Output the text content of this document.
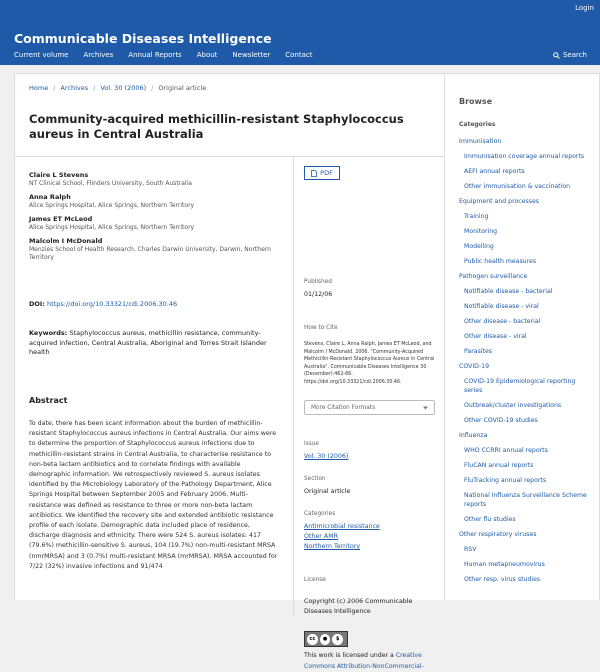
Login
Communicable Diseases Intelligence
Current volume Archives Annual Reports About Newsletter Contact	Search
Home / Archives / Vol. 30 (2006) / Original article
Community-acquired methicillin-resistant Staphylococcus aureus in Central Australia
Claire L Stevens
NT Clinical School, Flinders University, South Australia
Anna Ralph
Alice Springs Hospital, Alice Springs, Northern Territory
James ET McLeod
Alice Springs Hospital, Alice Springs, Northern Territory
Malcolm I McDonald
Menzies School of Health Research, Charles Darwin University, Darwin, Northern Territory
DOI: https://doi.org/10.33321/cdi.2006.30.46
Keywords: Staphylococcus aureus, methicillin resistance, community-acquired infection, Central Australia, Aboriginal and Torres Strait Islander health
Abstract

To date, there has been scant information about the burden of methicillin-resistant Staphylococcus aureus infections in Central Australia. Our aims were to determine the proportion of Staphylococcus aureus infections due to methicillin-resistant strains in Central Australia, to characterise resistance to non-beta lactam antibiotics and to correlate findings with available demographic information. We retrospectively reviewed S. aureus isolates identified by the Microbiology Laboratory of the Pathology Department, Alice Springs Hospital between September 2005 and February 2006. Multi-resistance was defined as resistance to three or more non-beta lactam antibiotics. We identified the recovery site and extended antibiotic resistance profile of each isolate. Demographic data included place of residence, discharge diagnosis and ethnicity. There were 524 S. aureus isolates: 417 (79.6%) methicillin-sensitive S. aureus, 104 (19.7%) non-multi-resistant MRSA (nmrMRSA) and 3 (0.7%) multi-resistant MRSA (mrMRSA). MRSA accounted for 7/22 (32%) invasive infections and 91/474

PDF
Published
01/12/06
How to Cite
Stevens, Claire L, Anna Ralph, James ET McLeod, and Malcolm I McDonald. 2006. "Community-Acquired Methicillin-Resistant Staphylococcus Aureus in Central Australia". Communicable Diseases Intelligence 30 (December):462-66. https://doi.org/10.33321/cdi.2006.30.46.
More Citation Formats
Issue
Vol. 30 (2006)
Section
Original article
Categories
Antimicrobial resistance
Other AMR
Northern Territory
License
Copyright (c) 2006 Communicable Diseases Intelligence
cc	●	$
This work is licensed under a Creative Commons Attribution-NonCommercial-
Browse
Categories
Immunisation
Immunisation coverage annual reports
AEFI annual reports
Other immunisation & vaccination
Equipment and processes
Training
Monitoring
Modelling
Public health measures
Pathogen surveillance
Notifiable disease - bacterial
Notifiable disease - viral
Other disease - bacterial
Other disease - viral
Parasites
COVID-19
COVID-19 Epidemiological reporting series
Outbreak/cluster investigations
Other COVID-19 studies
Influenza
WHO CCRRI annual reports
FluCAN annual reports
FluTracking annual reports
National Influenza Surveillance Scheme reports
Other flu studies
Other respiratory viruses
RSV
Human metapneumovirus
Other resp. virus studies
